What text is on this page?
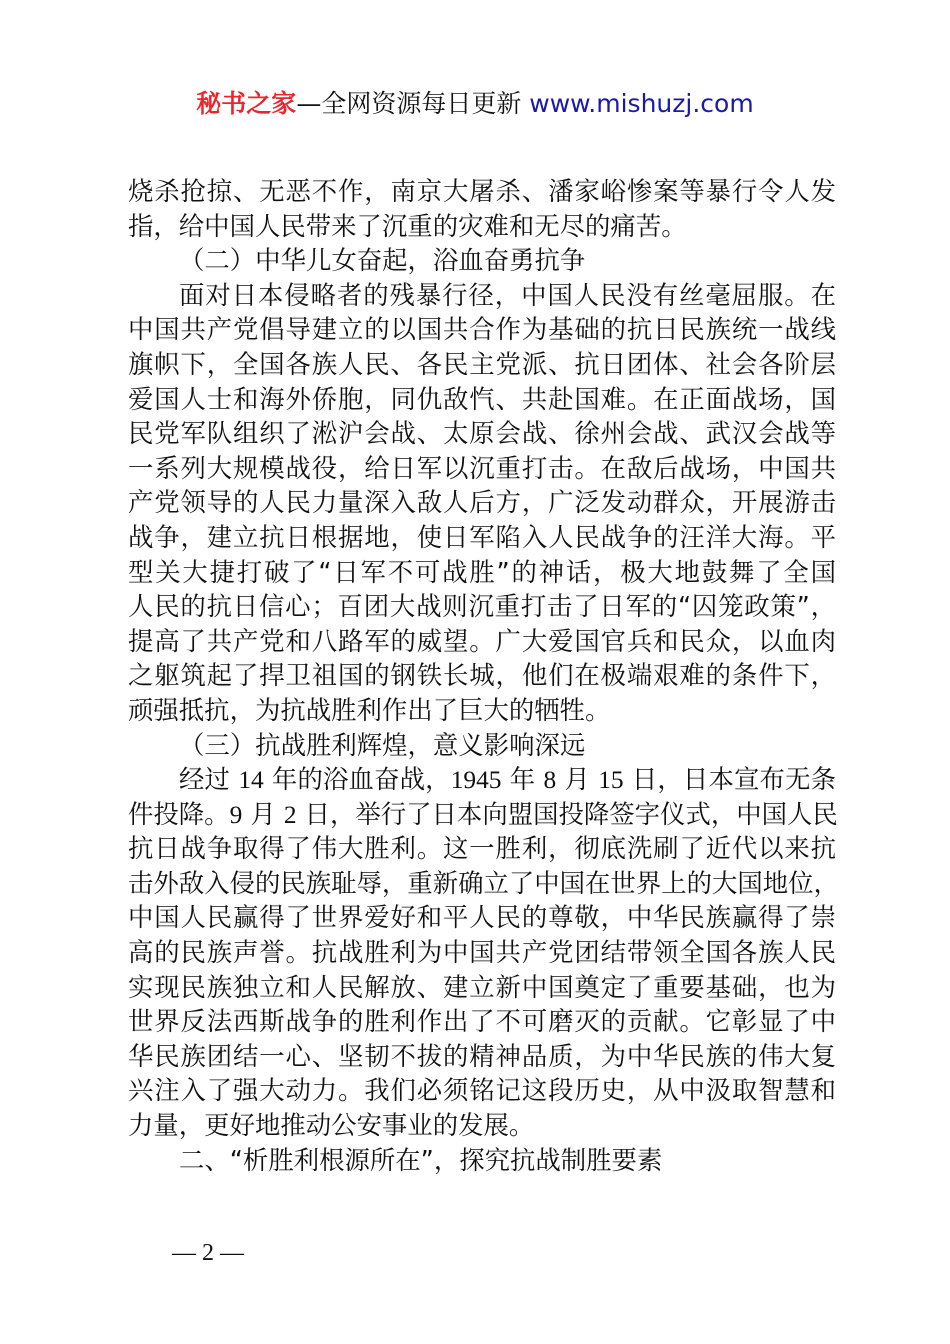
秘书之家—全网资源每日更新 www.mishuzj.com
烧杀抢掠、无恶不作，南京大屠杀、潘家峪惨案等暴行令人发
指，给中国人民带来了沉重的灾难和无尽的痛苦。
（二）中华儿女奋起，浴血奋勇抗争
面对日本侵略者的残暴行径，中国人民没有丝毫屈服。在
中国共产党倡导建立的以国共合作为基础的抗日民族统一战线
旗帜下，全国各族人民、各民主党派、抗日团体、社会各阶层
爱国人士和海外侨胞，同仇敌忾、共赴国难。在正面战场，国
民党军队组织了淞沪会战、太原会战、徐州会战、武汉会战等
一系列大规模战役，给日军以沉重打击。在敌后战场，中国共
产党领导的人民力量深入敌人后方，广泛发动群众，开展游击
战争，建立抗日根据地，使日军陷入人民战争的汪洋大海。平
型关大捷打破了“日军不可战胜”的神话，极大地鼓舞了全国
人民的抗日信心；百团大战则沉重打击了日军的“囚笼政策”，
提高了共产党和八路军的威望。广大爱国官兵和民众，以血肉
之躯筑起了捍卫祖国的钢铁长城，他们在极端艰难的条件下，
顽强抵抗，为抗战胜利作出了巨大的牺牲。
（三）抗战胜利辉煌，意义影响深远
经过 14 年的浴血奋战，1945 年 8 月 15 日，日本宣布无条
件投降。9 月 2 日，举行了日本向盟国投降签字仪式，中国人民
抗日战争取得了伟大胜利。这一胜利，彻底洗刷了近代以来抗
击外敌入侵的民族耻辱，重新确立了中国在世界上的大国地位，
中国人民赢得了世界爱好和平人民的尊敬，中华民族赢得了崇
高的民族声誉。抗战胜利为中国共产党团结带领全国各族人民
实现民族独立和人民解放、建立新中国奠定了重要基础，也为
世界反法西斯战争的胜利作出了不可磨灭的贡献。它彰显了中
华民族团结一心、坚韧不拔的精神品质，为中华民族的伟大复
兴注入了强大动力。我们必须铭记这段历史，从中汲取智慧和
力量，更好地推动公安事业的发展。
二、“析胜利根源所在”，探究抗战制胜要素
— 2 —
